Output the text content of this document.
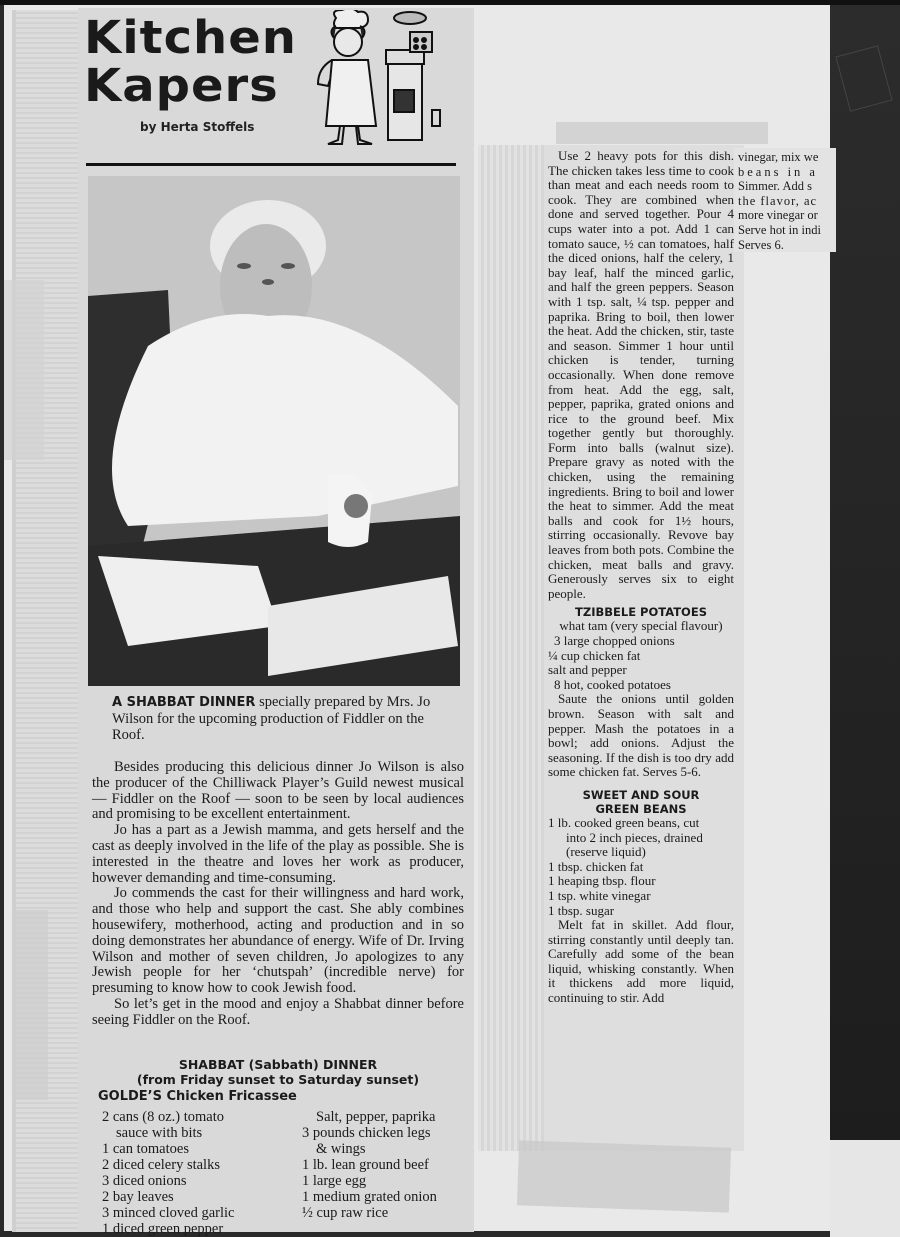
Kitchen
Kapers
by Herta Stoffels
A SHABBAT DINNER specially prepared by Mrs. Jo Wilson for the upcoming production of Fiddler on the Roof.

Besides producing this delicious dinner Jo Wilson is also the producer of the Chilliwack Player’s Guild newest musical — Fiddler on the Roof — soon to be seen by local audiences and promising to be excellent entertainment.

Jo has a part as a Jewish mamma, and gets herself and the cast as deeply involved in the life of the play as possible. She is interested in the theatre and loves her work as producer, however demanding and time-consuming.

Jo commends the cast for their willingness and hard work, and those who help and support the cast. She ably combines housewifery, motherhood, acting and production and in so doing demonstrates her abundance of energy. Wife of Dr. Irving Wilson and mother of seven children, Jo apologizes to any Jewish people for her ‘chutspah’ (incredible nerve) for presuming to know how to cook Jewish food.

So let’s get in the mood and enjoy a Shabbat dinner before seeing Fiddler on the Roof.

SHABBAT (Sabbath) DINNER
(from Friday sunset to Saturday sunset)
GOLDE’S Chicken Fricassee
2 cans (8 oz.) tomato
sauce with bits
1 can tomatoes
2 diced celery stalks
3 diced onions
2 bay leaves
3 minced cloved garlic
1 diced green pepper
Salt, pepper, paprika
3 pounds chicken legs
& wings
1 lb. lean ground beef
1 large egg
1 medium grated onion
½ cup raw rice

Use 2 heavy pots for this dish. The chicken takes less time to cook than meat and each needs room to cook. They are combined when done and served together. Pour 4 cups water into a pot. Add 1 can tomato sauce, ½ can tomatoes, half the diced onions, half the celery, 1 bay leaf, half the minced garlic, and half the green peppers. Season with 1 tsp. salt, ¼ tsp. pepper and paprika. Bring to boil, then lower the heat. Add the chicken, stir, taste and season. Simmer 1 hour until chicken is tender, turning occasionally. When done remove from heat. Add the egg, salt, pepper, paprika, grated onions and rice to the ground beef. Mix together gently but thoroughly. Form into balls (walnut size). Prepare gravy as noted with the chicken, using the remaining ingredients. Bring to boil and lower the heat to simmer. Add the meat balls and cook for 1½ hours, stirring occasionally. Revove bay leaves from both pots. Combine the chicken, meat balls and gravy. Generously serves six to eight people.

TZIBBELE POTATOES

what tam (very special flavour)

3 large chopped onions

¼ cup chicken fat

salt and pepper

8 hot, cooked potatoes

Saute the onions until golden brown. Season with salt and pepper. Mash the potatoes in a bowl; add onions. Adjust the seasoning. If the dish is too dry add some chicken fat. Serves 5-6.

SWEET AND SOUR

GREEN BEANS

1 lb. cooked green beans, cut

into 2 inch pieces, drained

(reserve liquid)

1 tbsp. chicken fat

1 heaping tbsp. flour

1 tsp. white vinegar

1 tbsp. sugar

Melt fat in skillet. Add flour, stirring constantly until deeply tan. Carefully add some of the bean liquid, whisking constantly. When it thickens add more liquid, continuing to stir. Add

vinegar, mix we
beans in a
Simmer. Add s
the flavor, ac
more vinegar or
Serve hot in indi
Serves 6.
